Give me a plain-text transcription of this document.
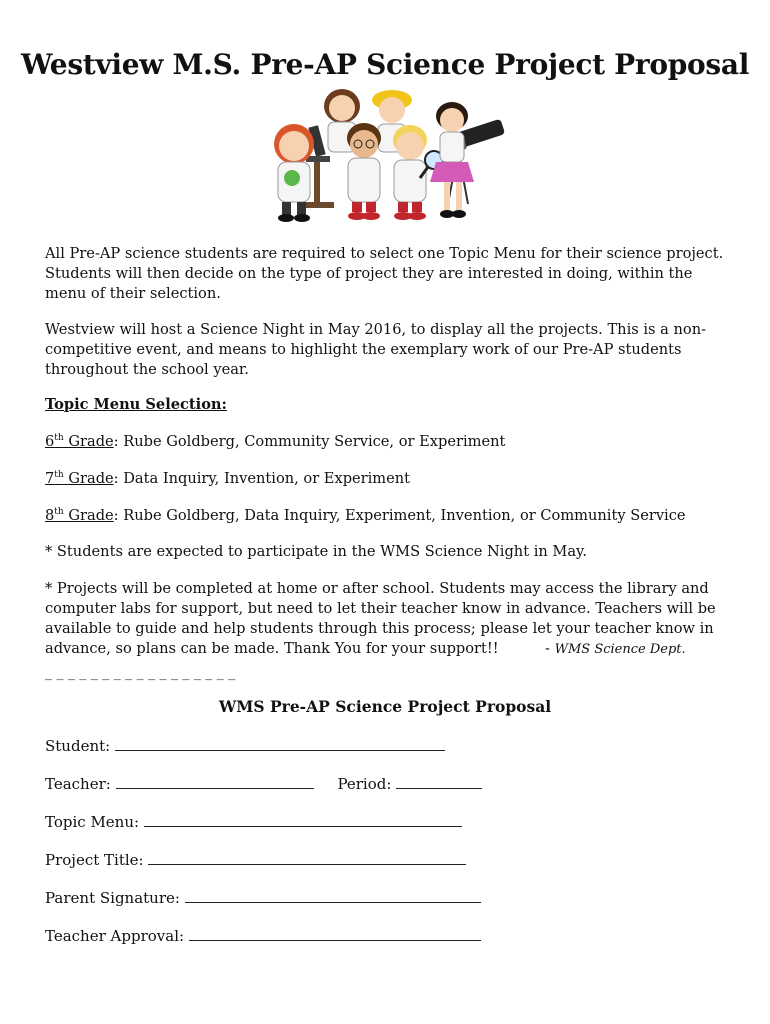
Westview M.S. Pre-AP Science Project Proposal

All Pre-AP science students are required to select one Topic Menu for their science project. Students will then decide on the type of project they are interested in doing, within the menu of their selection.

Westview will host a Science Night in May 2016, to display all the projects. This is a non-competitive event, and means to highlight the exemplary work of our Pre-AP students throughout the school year.

Topic Menu Selection:
6th Grade: Rube Goldberg, Community Service, or Experiment
7th Grade: Data Inquiry, Invention, or Experiment
8th Grade: Rube Goldberg, Data Inquiry, Experiment, Invention, or Community Service

* Students are expected to participate in the WMS Science Night in May.

* Projects will be completed at home or after school. Students may access the library and computer labs for support, but need to let their teacher know in advance. Teachers will be available to guide and help students through this process; please let your teacher know in advance, so plans can be made. Thank You for your support!!	- WMS Science Dept.

_ _ _ _ _ _ _ _ _ _ _ _ _ _ _ _ _
WMS Pre-AP Science Project Proposal
Student:
Teacher:	Period:
Topic Menu:
Project Title:
Parent Signature:
Teacher Approval:
